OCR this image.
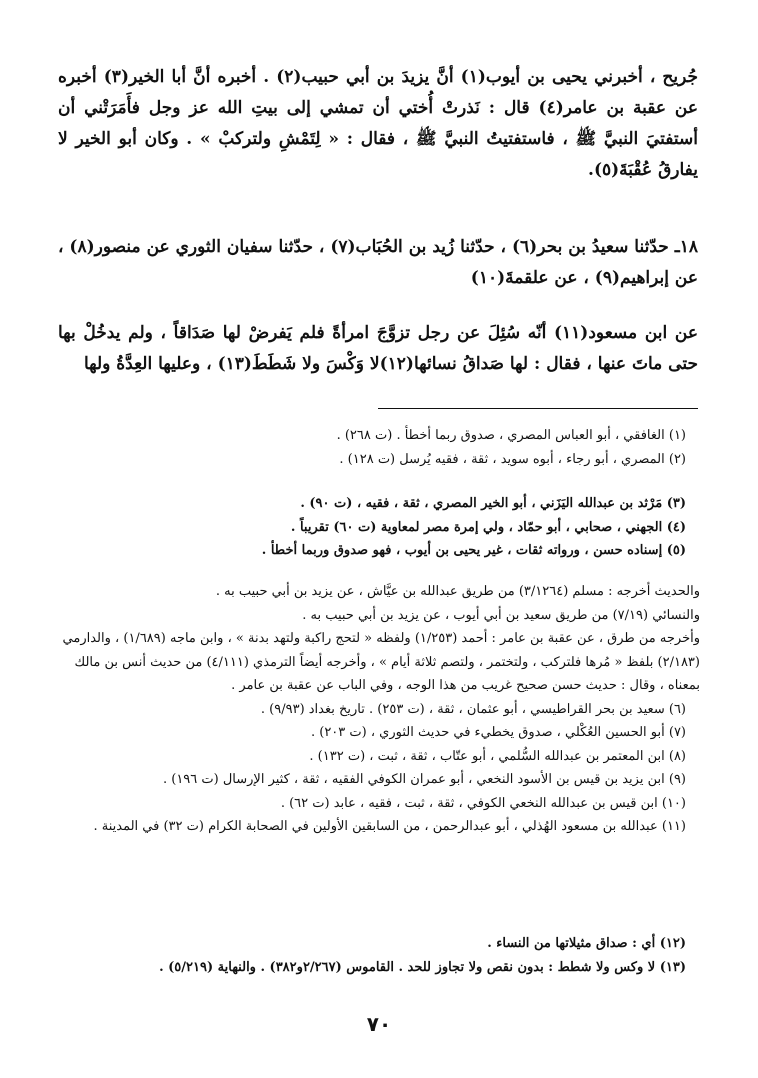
جُريح ، أخبرني يحيى بن أيوب(١) أنَّ يزيدَ بن أبي حبيب(٢) . أخبره أنَّ أبا الخير(٣) أخبره عن عقبة بن عامر(٤) قال : نَذرتْ أُختي أن تمشي إلى بيتِ الله عز وجل فأَمَرَتْني أن أستفتيَ النبيَّ ﷺ ، فاستفتيتُ النبيَّ ﷺ ، فقال : « لِتَمْشِ ولتركبْ » . وكان أبو الخير لا يفارقُ عُقْبَةَ(٥).

١٨ـ حدّثنا سعيدُ بن بحر(٦) ، حدّثنا زُيد بن الحُبَاب(٧) ، حدّثنا سفيان الثوري عن منصور(٨) ، عن إبراهيم(٩) ، عن علقمةَ(١٠)

عن ابن مسعود(١١) أنّه سُئِلَ عن رجل تزوَّجَ امرأةً فلم يَفرضْ لها صَدَاقاً ، ولم يدخُلْ بها حتى ماتَ عنها ، فقال : لها صَداقُ نسائها(١٢)لا وَكْسَ ولا شَطَطَ(١٣) ، وعليها العِدَّةُ ولها

(١) الغافقي ، أبو العباس المصري ، صدوق ربما أخطأ . (ت ٢٦٨) .

(٢) المصري ، أبو رجاء ، أبوه سويد ، ثقة ، فقيه يُرسل (ت ١٢٨) .

(٣) مَرْثد بن عبدالله اليَزَني ، أبو الخير المصري ، ثقة ، فقيه ، (ت ٩٠) .

(٤) الجهني ، صحابي ، أبو حمّاد ، ولي إمرة مصر لمعاوية (ت ٦٠) تقريباً .

(٥) إسناده حسن ، ورواته ثقات ، غير يحيى بن أيوب ، فهو صدوق وربما أخطأ .

والحديث أخرجه : مسلم (٣/١٢٦٤) من طريق عبدالله بن عيَّاش ، عن يزيد بن أبي حبيب به .

والنسائي (٧/١٩) من طريق سعيد بن أبي أيوب ، عن يزيد بن أبي حبيب به .

وأخرجه من طرق ، عن عقبة بن عامر : أحمد (١/٢٥٣) ولفظه « لتحج راكبة ولتهد بدنة » ، وابن ماجه (١/٦٨٩) ، والدارمي (٢/١٨٣) بلفظ « مُرها فلتركب ، ولتختمر ، ولتصم ثلاثة أيام » ، وأخرجه أيضاً الترمذي (٤/١١١) من حديث أنس بن مالك بمعناه ، وقال : حديث حسن صحيح غريب من هذا الوجه ، وفي الباب عن عقبة بن عامر .

(٦) سعيد بن بحر القراطيسي ، أبو عثمان ، ثقة ، (ت ٢٥٣) . تاريخ بغداد (٩/٩٣) .

(٧) أبو الحسين العُكْلي ، صدوق يخطيء في حديث الثوري ، (ت ٢٠٣) .

(٨) ابن المعتمر بن عبدالله السُّلمي ، أبو عتّاب ، ثقة ، ثبت ، (ت ١٣٢) .

(٩) ابن يزيد بن قيس بن الأسود النخعي ، أبو عمران الكوفي الفقيه ، ثقة ، كثير الإرسال (ت ١٩٦) .

(١٠) ابن قيس بن عبدالله النخعي الكوفي ، ثقة ، ثبت ، فقيه ، عابد (ت ٦٢) .

(١١) عبدالله بن مسعود الهُذلي ، أبو عبدالرحمن ، من السابقين الأولين في الصحابة الكرام (ت ٣٢) في المدينة .

(١٢) أي : صداق مثيلاتها من النساء .

(١٣) لا وكس ولا شطط : بدون نقص ولا تجاوز للحد . القاموس (٢/٢٦٧و٣٨٢) . والنهاية (٥/٢١٩) .

٧٠
